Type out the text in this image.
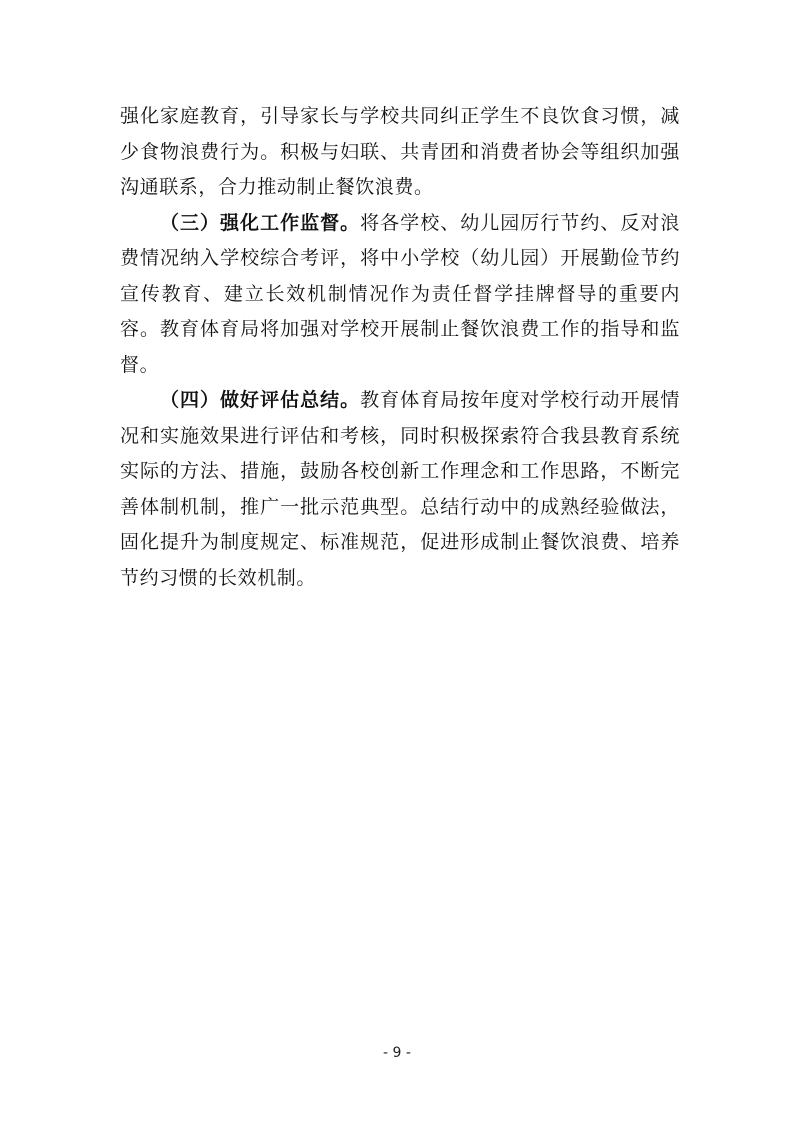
强化家庭教育，引导家长与学校共同纠正学生不良饮食习惯，减少食物浪费行为。积极与妇联、共青团和消费者协会等组织加强沟通联系，合力推动制止餐饮浪费。

（三）强化工作监督。将各学校、幼儿园厉行节约、反对浪费情况纳入学校综合考评，将中小学校（幼儿园）开展勤俭节约宣传教育、建立长效机制情况作为责任督学挂牌督导的重要内容。教育体育局将加强对学校开展制止餐饮浪费工作的指导和监督。

（四）做好评估总结。教育体育局按年度对学校行动开展情况和实施效果进行评估和考核，同时积极探索符合我县教育系统实际的方法、措施，鼓励各校创新工作理念和工作思路，不断完善体制机制，推广一批示范典型。总结行动中的成熟经验做法，固化提升为制度规定、标准规范，促进形成制止餐饮浪费、培养节约习惯的长效机制。

- 9 -
